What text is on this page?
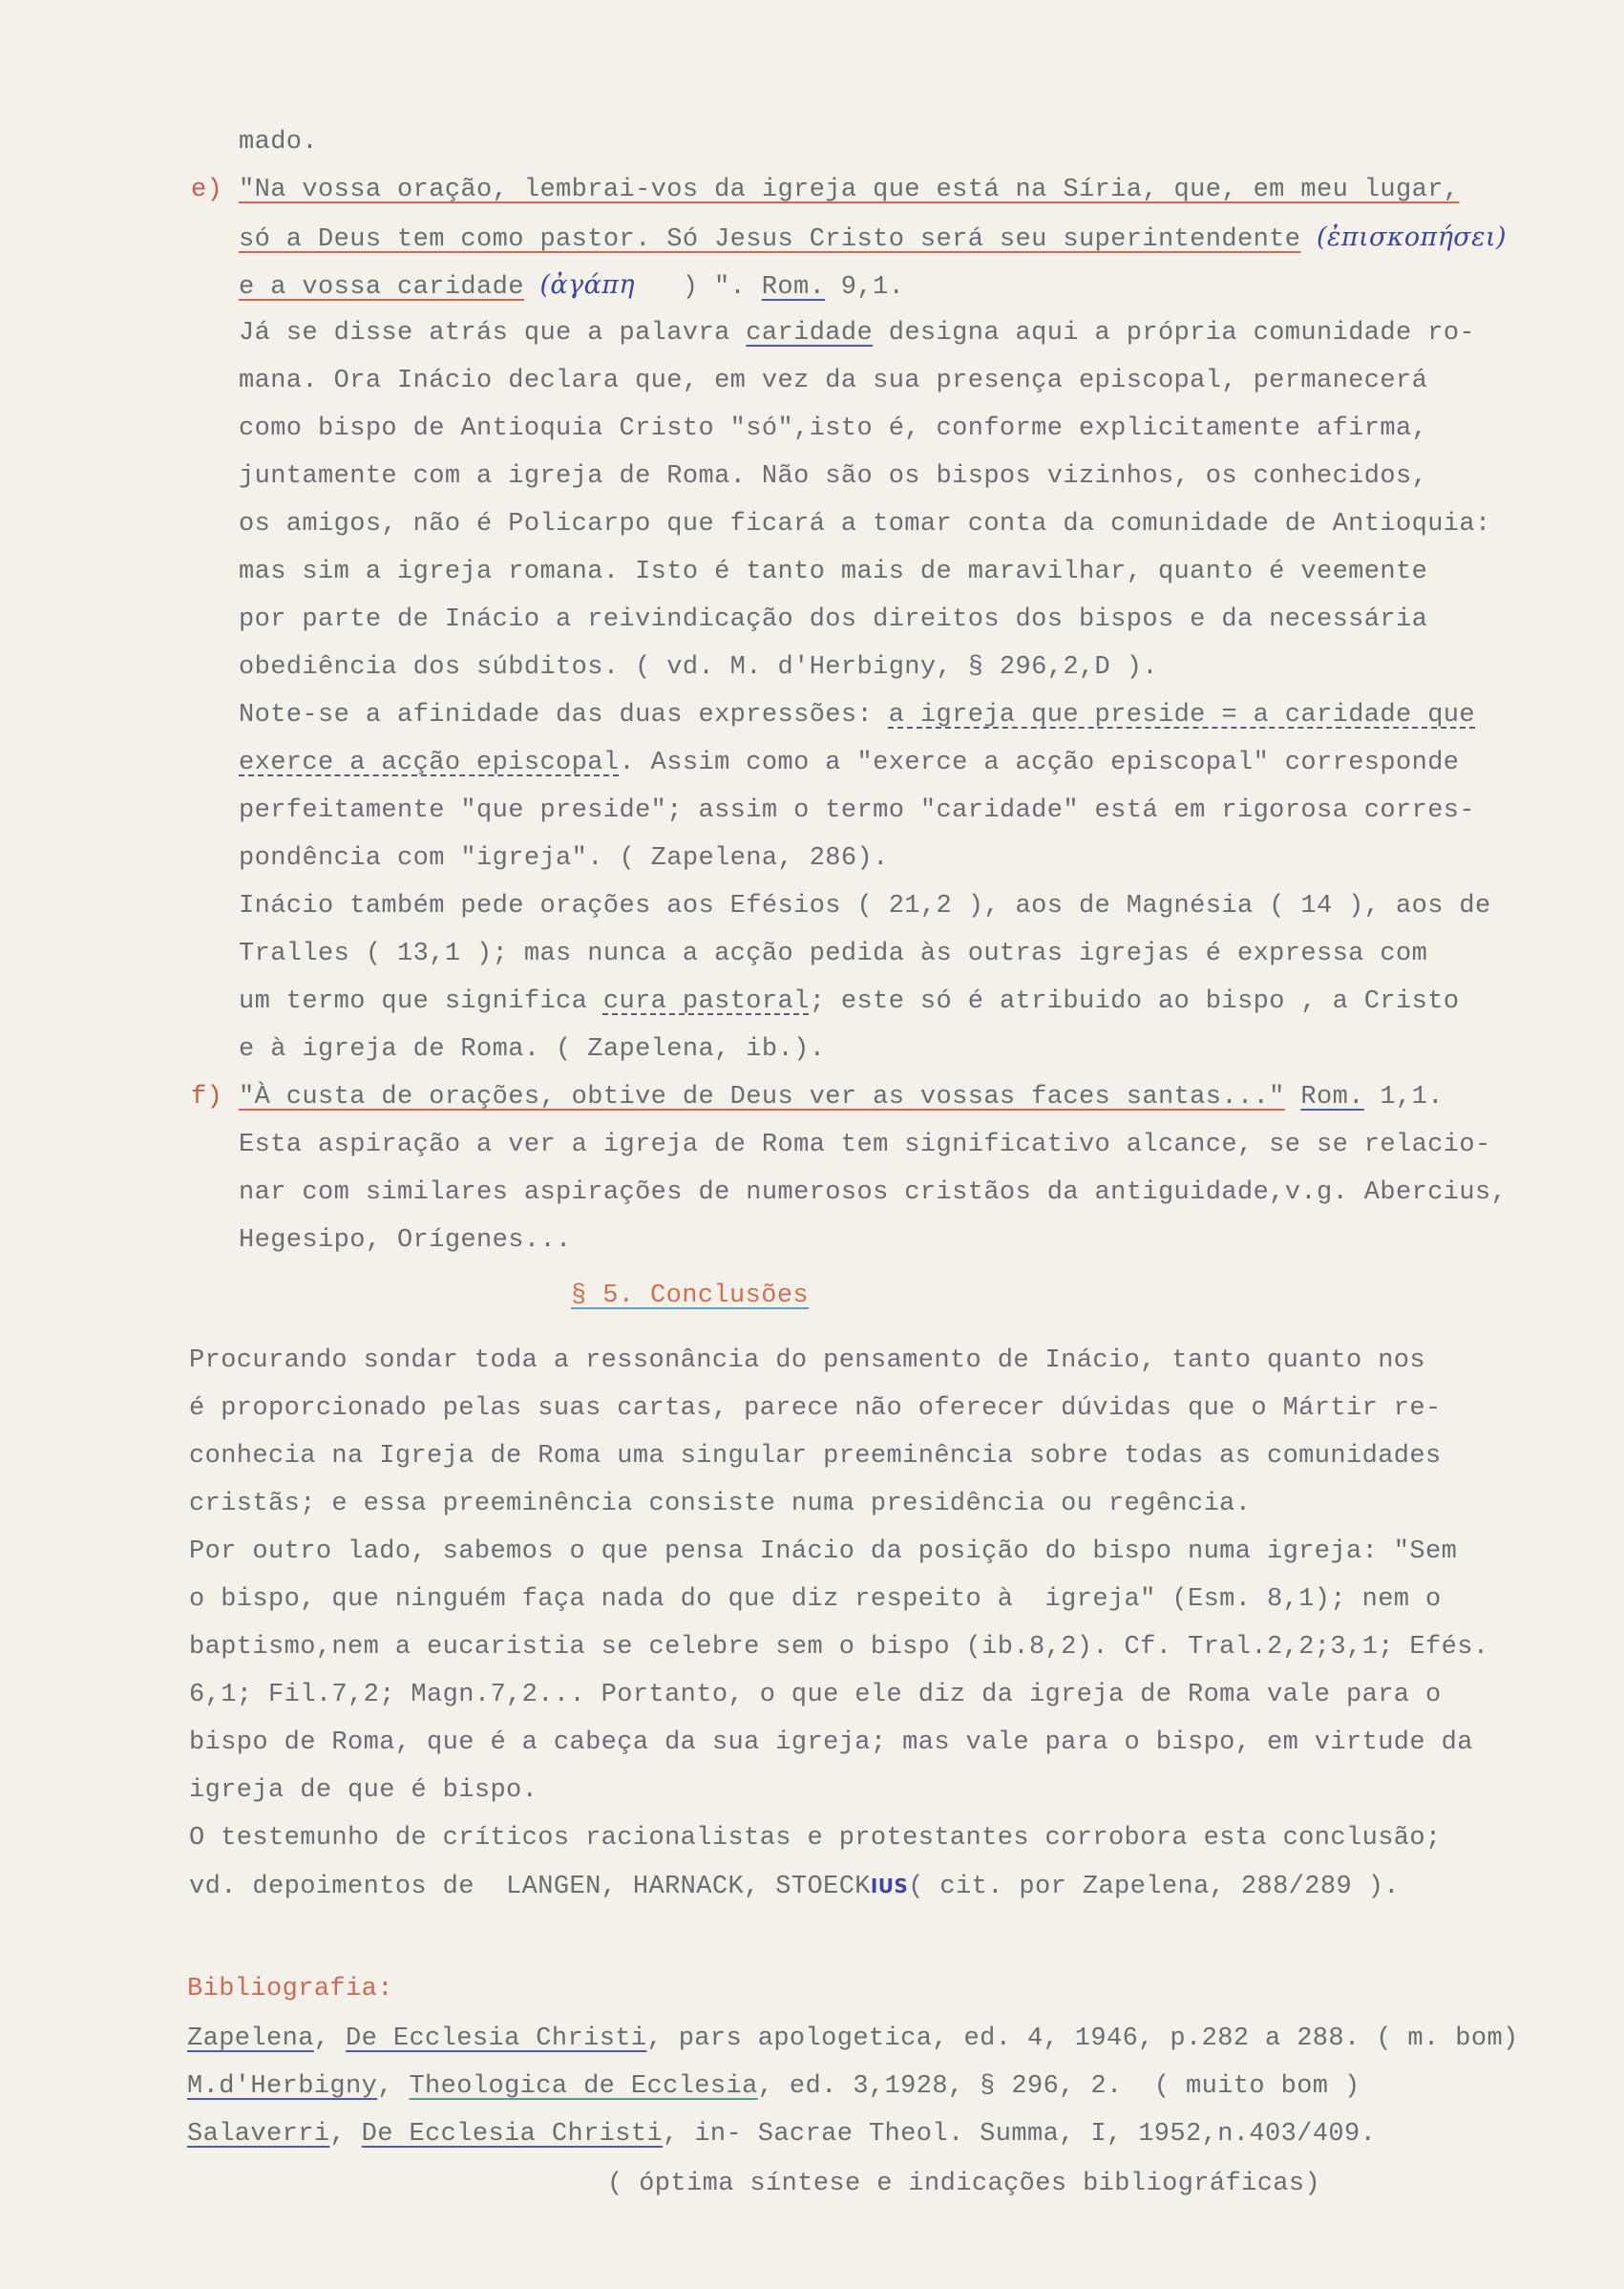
mado.
e) "Na vossa oração, lembrai-vos da igreja que está na Síria, que, em meu lugar,
só a Deus tem como pastor. Só Jesus Cristo será seu superintendente (ἐπισκοπήσει)
e a vossa caridade (ἀγάπη ) ". Rom. 9,1.
Já se disse atrás que a palavra caridade designa aqui a própria comunidade ro-
mana. Ora Inácio declara que, em vez da sua presença episcopal, permanecerá
como bispo de Antioquia Cristo "só",isto é, conforme explicitamente afirma,
juntamente com a igreja de Roma. Não são os bispos vizinhos, os conhecidos,
os amigos, não é Policarpo que ficará a tomar conta da comunidade de Antioquia:
mas sim a igreja romana. Isto é tanto mais de maravilhar, quanto é veemente
por parte de Inácio a reivindicação dos direitos dos bispos e da necessária
obediência dos súbditos. ( vd. M. d'Herbigny, § 296,2,D ).
Note-se a afinidade das duas expressões: a igreja que preside = a caridade que
exerce a acção episcopal. Assim como a "exerce a acção episcopal" corresponde
perfeitamente "que preside"; assim o termo "caridade" está em rigorosa corres-
pondência com "igreja". ( Zapelena, 286).
Inácio também pede orações aos Efésios ( 21,2 ), aos de Magnésia ( 14 ), aos de
Tralles ( 13,1 ); mas nunca a acção pedida às outras igrejas é expressa com
um termo que significa cura pastoral; este só é atribuido ao bispo , a Cristo
e à igreja de Roma. ( Zapelena, ib.).
f) "À custa de orações, obtive de Deus ver as vossas faces santas..." Rom. 1,1.
Esta aspiração a ver a igreja de Roma tem significativo alcance, se se relacio-
nar com similares aspirações de numerosos cristãos da antiguidade,v.g. Abercius,
Hegesipo, Orígenes...
§ 5. Conclusões
Procurando sondar toda a ressonância do pensamento de Inácio, tanto quanto nos
é proporcionado pelas suas cartas, parece não oferecer dúvidas que o Mártir re-
conhecia na Igreja de Roma uma singular preeminência sobre todas as comunidades
cristãs; e essa preeminência consiste numa presidência ou regência.
Por outro lado, sabemos o que pensa Inácio da posição do bispo numa igreja: "Sem
o bispo, que ninguém faça nada do que diz respeito à  igreja" (Esm. 8,1); nem o
baptismo,nem a eucaristia se celebre sem o bispo (ib.8,2). Cf. Tral.2,2;3,1; Efés.
6,1; Fil.7,2; Magn.7,2... Portanto, o que ele diz da igreja de Roma vale para o
bispo de Roma, que é a cabeça da sua igreja; mas vale para o bispo, em virtude da
igreja de que é bispo.
O testemunho de críticos racionalistas e protestantes corrobora esta conclusão;
vd. depoimentos de  LANGEN, HARNACK, STOECKIUS( cit. por Zapelena, 288/289 ).
Bibliografia:
Zapelena, De Ecclesia Christi, pars apologetica, ed. 4, 1946, p.282 a 288. ( m. bom)
M.d'Herbigny, Theologica de Ecclesia, ed. 3,1928, § 296, 2.  ( muito bom )
Salaverri, De Ecclesia Christi, in- Sacrae Theol. Summa, I, 1952,n.403/409.
( óptima síntese e indicações bibliográficas)
